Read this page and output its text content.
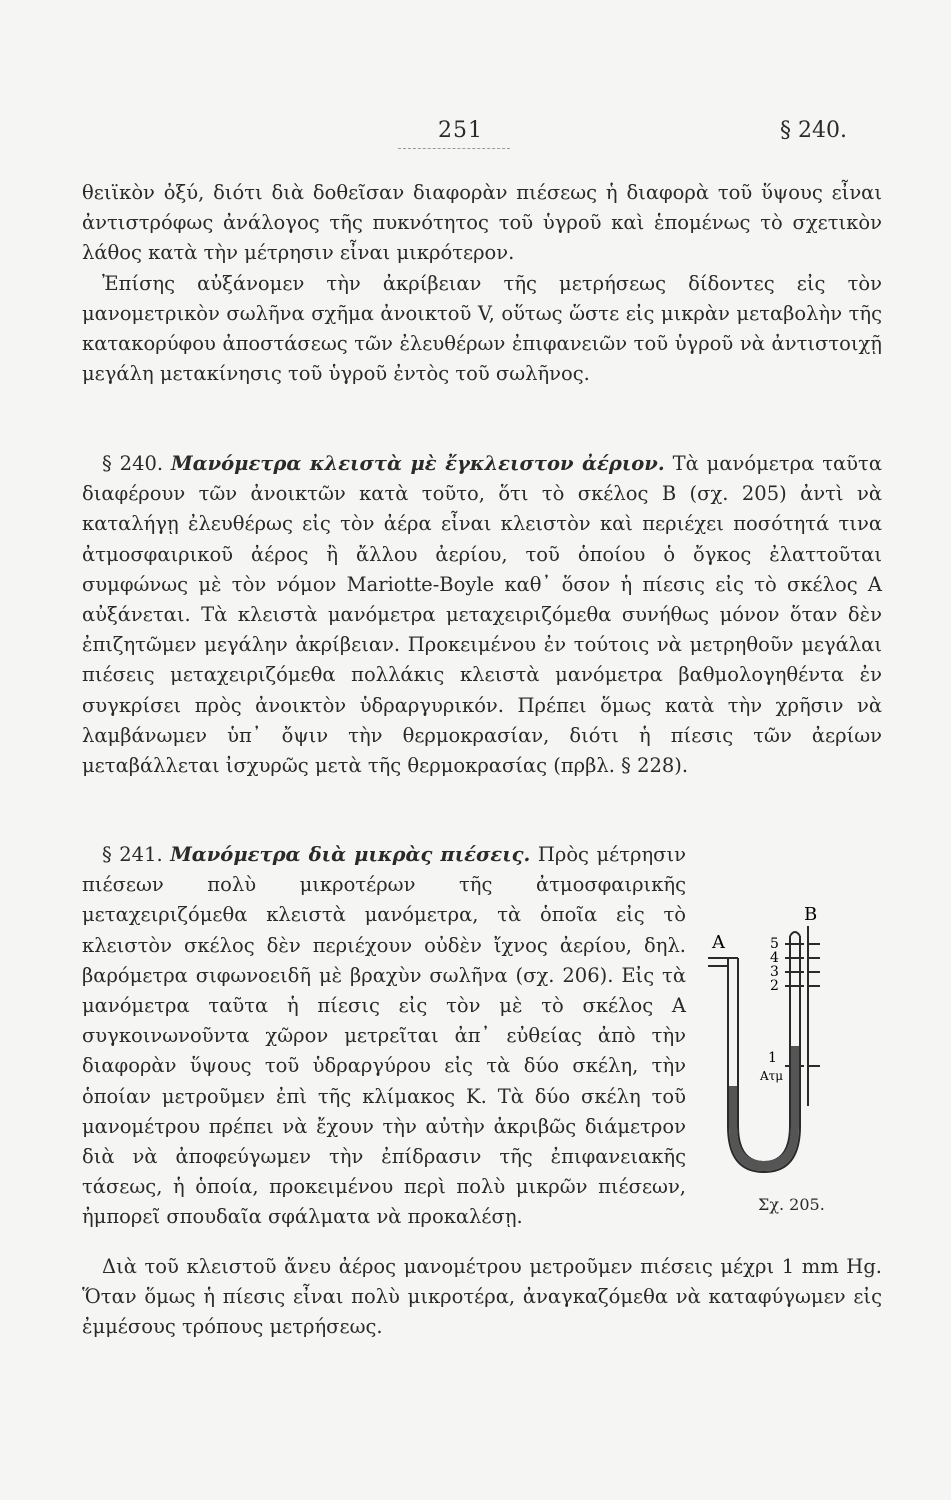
251	§ 240.

θειϊκὸν ὀξύ, διότι διὰ δοθεῖσαν διαφορὰν πιέσεως ἡ διαφορὰ τοῦ ὕψους εἶναι ἀντιστρόφως ἀνάλογος τῆς πυκνότητος τοῦ ὑγροῦ καὶ ἑπομένως τὸ σχετικὸν λάθος κατὰ τὴν μέτρησιν εἶναι μικρότερον.

Ἐπίσης αὐξάνομεν τὴν ἀκρίβειαν τῆς μετρήσεως δίδοντες εἰς τὸν μανομετρικὸν σωλῆνα σχῆμα ἀνοικτοῦ V, οὕτως ὥστε εἰς μικρὰν μεταβολὴν τῆς κατακορύφου ἀποστάσεως τῶν ἐλευθέρων ἐπιφανειῶν τοῦ ὑγροῦ νὰ ἀντιστοιχῇ μεγάλη μετακίνησις τοῦ ὑγροῦ ἐντὸς τοῦ σωλῆνος.

§ 240. Μανόμετρα κλειστὰ μὲ ἔγκλειστον ἀέριον. Τὰ μανόμετρα ταῦτα διαφέρουν τῶν ἀνοικτῶν κατὰ τοῦτο, ὅτι τὸ σκέλος B (σχ. 205) ἀντὶ νὰ καταλήγῃ ἐλευθέρως εἰς τὸν ἀέρα εἶναι κλειστὸν καὶ περιέχει ποσότητά τινα ἀτμοσφαιρικοῦ ἀέρος ἢ ἄλλου ἀερίου, τοῦ ὁποίου ὁ ὄγκος ἐλαττοῦται συμφώνως μὲ τὸν νόμον Mariotte-Boyle καθ᾽ ὅσον ἡ πίεσις εἰς τὸ σκέλος A αὐξάνεται. Τὰ κλειστὰ μανόμετρα μεταχειριζόμεθα συνήθως μόνον ὅταν δὲν ἐπιζητῶμεν μεγάλην ἀκρίβειαν. Προκειμένου ἐν τούτοις νὰ μετρηθοῦν μεγάλαι πιέσεις μεταχειριζόμεθα πολλάκις κλειστὰ μανόμετρα βαθμολογηθέντα ἐν συγκρίσει πρὸς ἀνοικτὸν ὑδραργυρικόν. Πρέπει ὅμως κατὰ τὴν χρῆσιν νὰ λαμβάνωμεν ὑπ᾽ ὄψιν τὴν θερμοκρασίαν, διότι ἡ πίεσις τῶν ἀερίων μεταβάλλεται ἰσχυρῶς μετὰ τῆς θερμοκρασίας (πρβλ. § 228).

A
B
5
4
3
2
1
Ατμ
Σχ. 205.

§ 241. Μανόμετρα διὰ μικρὰς πιέσεις. Πρὸς μέτρησιν πιέσεων πολὺ μικροτέρων τῆς ἀτμοσφαιρικῆς μεταχειριζόμεθα κλειστὰ μανόμετρα, τὰ ὁποῖα εἰς τὸ κλειστὸν σκέλος δὲν περιέχουν οὐδὲν ἴχνος ἀερίου, δηλ. βαρόμετρα σιφωνοειδῆ μὲ βραχὺν σωλῆνα (σχ. 206). Εἰς τὰ μανόμετρα ταῦτα ἡ πίεσις εἰς τὸν μὲ τὸ σκέλος A συγκοινωνοῦντα χῶρον μετρεῖται ἀπ᾽ εὐθείας ἀπὸ τὴν διαφορὰν ὕψους τοῦ ὑδραργύρου εἰς τὰ δύο σκέλη, τὴν ὁποίαν μετροῦμεν ἐπὶ τῆς κλίμακος K. Τὰ δύο σκέλη τοῦ μανομέτρου πρέπει νὰ ἔχουν τὴν αὐτὴν ἀκριβῶς διάμετρον διὰ νὰ ἀποφεύγωμεν τὴν ἐπίδρασιν τῆς ἐπιφανειακῆς τάσεως, ἡ ὁποία, προκειμένου περὶ πολὺ μικρῶν πιέσεων, ἠμπορεῖ σπουδαῖα σφάλματα νὰ προκαλέσῃ.

Διὰ τοῦ κλειστοῦ ἄνευ ἀέρος μανομέτρου μετροῦμεν πιέσεις μέχρι 1 mm Hg. Ὅταν ὅμως ἡ πίεσις εἶναι πολὺ μικροτέρα, ἀναγκαζόμεθα νὰ καταφύγωμεν εἰς ἐμμέσους τρόπους μετρήσεως.
